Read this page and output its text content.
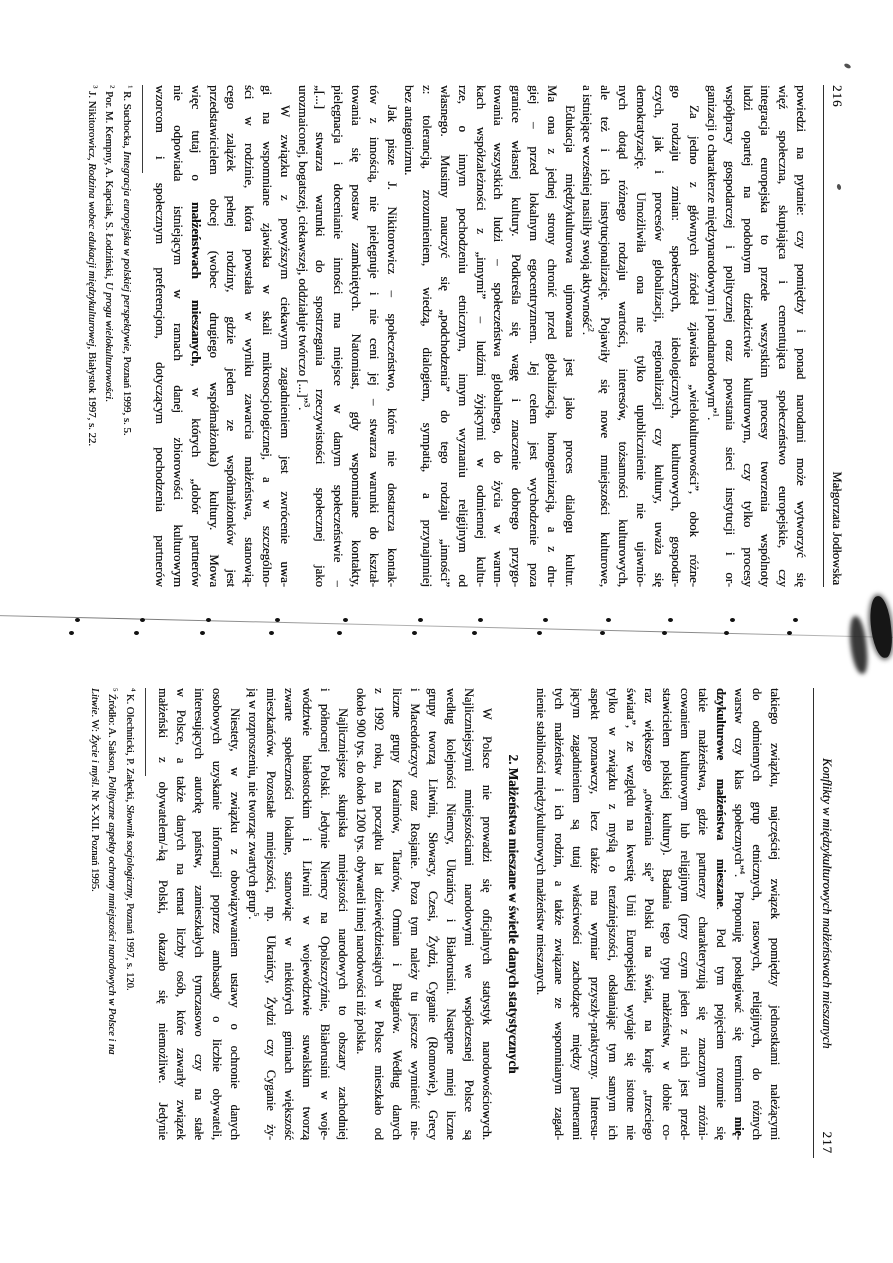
216
Małgorzata Jodłowska
powiedzi na pytanie: czy pomiędzy i ponad narodami może wytworzyć się
więź społeczna, skupiająca i cementująca społeczeństwo europejskie, czy
integracja europejska to przede wszystkim procesy tworzenia wspólnoty
ludzi opartej na podobnym dziedzictwie kulturowym, czy tylko procesy
współpracy gospodarczej i politycznej oraz powstania sieci instytucji i or-
ganizacji o charakterze międzynarodowym i ponadnarodowym”$^1$.
Za jedno z głównych źródeł zjawiska „wielokulturowości”, obok różne-
go rodzaju zmian: społecznych, ideologicznych, kulturowych, gospodar-
czych, jak i procesów globalizacji, regionalizacji czy kultury, uważa się
demokratyzację. Umożliwiła ona nie tylko upublicznienie nie ujawnio-
nych dotąd różnego rodzaju wartości, interesów, tożsamości kulturowych,
ale też i ich instytucjonalizację. Pojawiły się nowe mniejszości kulturowe,
a istniejące wcześniej nasiliły swoją aktywność$^2$.
Edukacja międzykulturowa ujmowana jest jako proces dialogu kultur.
Ma ona z jednej strony chronić przed globalizacją, homogenizacją, a z dru-
giej – przed lokalnym egocentryzmem. Jej celem jest wychodzenie poza
granice własnej kultury. Podkreśla się wagę i znaczenie dobrego przygo-
towania wszystkich ludzi – społeczeństwa globalnego, do życia w warun-
kach współzależności z „innymi” – ludźmi żyjącymi w odmiennej kultu-
rze, o innym pochodzeniu etnicznym, innym wyznaniu religijnym od
własnego. Musimy nauczyć się „podchodzenia” do tego rodzaju „inności”
z: tolerancją, zrozumieniem, wiedzą, dialogiem, sympatią, a przynajmniej
bez antagonizmu.
Jak pisze J. Nikitorowicz – społeczeństwo, które nie dostarcza kontak-
tów z innością, nie pielęgnuje i nie ceni jej – stwarza warunki do kształ-
towania się postaw zamkniętych. Natomiast, gdy wspomniane kontakty,
pielęgnacja i docenianie inności ma miejsce w danym społeczeństwie –
„[...] stwarza warunki do spostrzegania rzeczywistości społecznej jako
urozmaiconej, bogatszej, ciekawszej, oddziałuje twórczo [...]”$^3$.
W związku z powyższym ciekawym zagadnieniem jest zwrócenie uwa-
gi na wspomniane zjawiska w skali mikrosocjologicznej, a w szczególno-
ści w rodzinie, która powstała w wyniku zawarcia małżeństwa, stanowią-
cego zalążek pełnej rodziny, gdzie jeden ze współmałżonków jest
przedstawicielem obcej (wobec drugiego współmałżonka) kultury. Mowa
więc tutaj o małżeństwach mieszanych, w których „dobór partnerów
nie odpowiada istniejącym w ramach danej zbiorowości kulturowym
wzorcom i społecznym preferencjom, dotyczącym pochodzenia partnerów
$^1$ R. Suchocka, Integracja europejska w polskiej perspektywie, Poznań 1999, s. 5.
$^2$ Por. M. Kempny, A. Kapciak, S. Łodziński, U progu wielokulturowości.
$^3$ J. Nikitorowicz, Rodzina wobec edukacji międzykulturowej, Białystok 1997, s. 22.
Konflikty w międzykulturowych małżeństwach mieszanych
217
takiego związku, najczęściej związek pomiędzy jednostkami należącymi
do odmiennych grup etnicznych, rasowych, religijnych, do różnych
warstw czy klas społecznych”$^4$. Proponuję posługiwać się terminem mię-
dzykulturowe małżeństwa mieszane. Pod tym pojęciem rozumie się
takie małżeństwa, gdzie partnerzy charakteryzują się znacznym zróżni-
cowaniem kulturowym lub religijnym (przy czym jeden z nich jest przed-
stawicielem polskiej kultury). Badania tego typu małżeństw, w dobie co-
raz większego „otwierania się” Polski na świat, na kraje „trzeciego
świata”, ze względu na kwestię Unii Europejskiej wydaje się istotne nie
tylko w związku z myślą o teraźniejszości, odsłaniając tym samym ich
aspekt poznawczy, lecz także ma wymiar przyszły-praktyczny. Interesu-
jącym zagadnieniem są tutaj właściwości zachodzące między partnerami
tych małżeństw i ich rodzin, a także związane ze wspomnianym zagad-
nienie stabilności międzykulturowych małżeństw mieszanych.
2. Małżeństwa mieszane w świetle danych statystycznych
W Polsce nie prowadzi się oficjalnych statystyk narodowościowych.
Najliczniejszymi mniejszościami narodowymi we współczesnej Polsce są
według kolejności Niemcy, Ukraińcy i Białorusini. Następne mniej liczne
grupy tworzą Litwini, Słowacy, Czesi, Żydzi, Cyganie (Romowie), Grecy
i Macedończycy oraz Rosjanie. Poza tym należy tu jeszcze wymienić nie-
liczne grupy Karaimów, Tatarów, Ormian i Bułgarów. Według danych
z 1992 roku, na początku lat dziewięćdziesiątych w Polsce mieszkało od
około 900 tys. do około 1200 tys. obywateli innej narodowości niż polska.
Najliczniejsze skupiska mniejszości narodowych to obszary zachodniej
i północnej Polski. Jedynie Niemcy na Opolszczyźnie, Białorusini w woje-
wództwie białostockim i Litwini w województwie suwalskim tworzą
zwarte społeczności lokalne, stanowiąc w niektórych gminach większość
mieszkańców. Pozostałe mniejszości, np. Ukraińcy, Żydzi czy Cyganie ży-
ją w rozproszeniu, nie tworząc zwartych grup$^5$.
Niestety, w związku z obowiązywaniem ustawy o ochronie danych
osobowych uzyskanie informacji poprzez ambasady o liczbie obywateli,
interesujących autorkę państw, zamieszkałych tymczasowo czy na stałe
w Polsce, a także danych na temat liczby osób, które zawarły związek
małżeński z obywatelem/-ką Polski, okazało się niemożliwe. Jedynie
$^4$ K. Olechnicki, P. Załęcki, Słownik socjologiczny, Poznań 1997, s. 120.
$^5$ Źródło: A. Sakson, Polityczne aspekty ochrony mniejszości narodowych w Polsce i na
Litwie. W: Życie i myśl. Nr X-XII. Poznań 1995.
